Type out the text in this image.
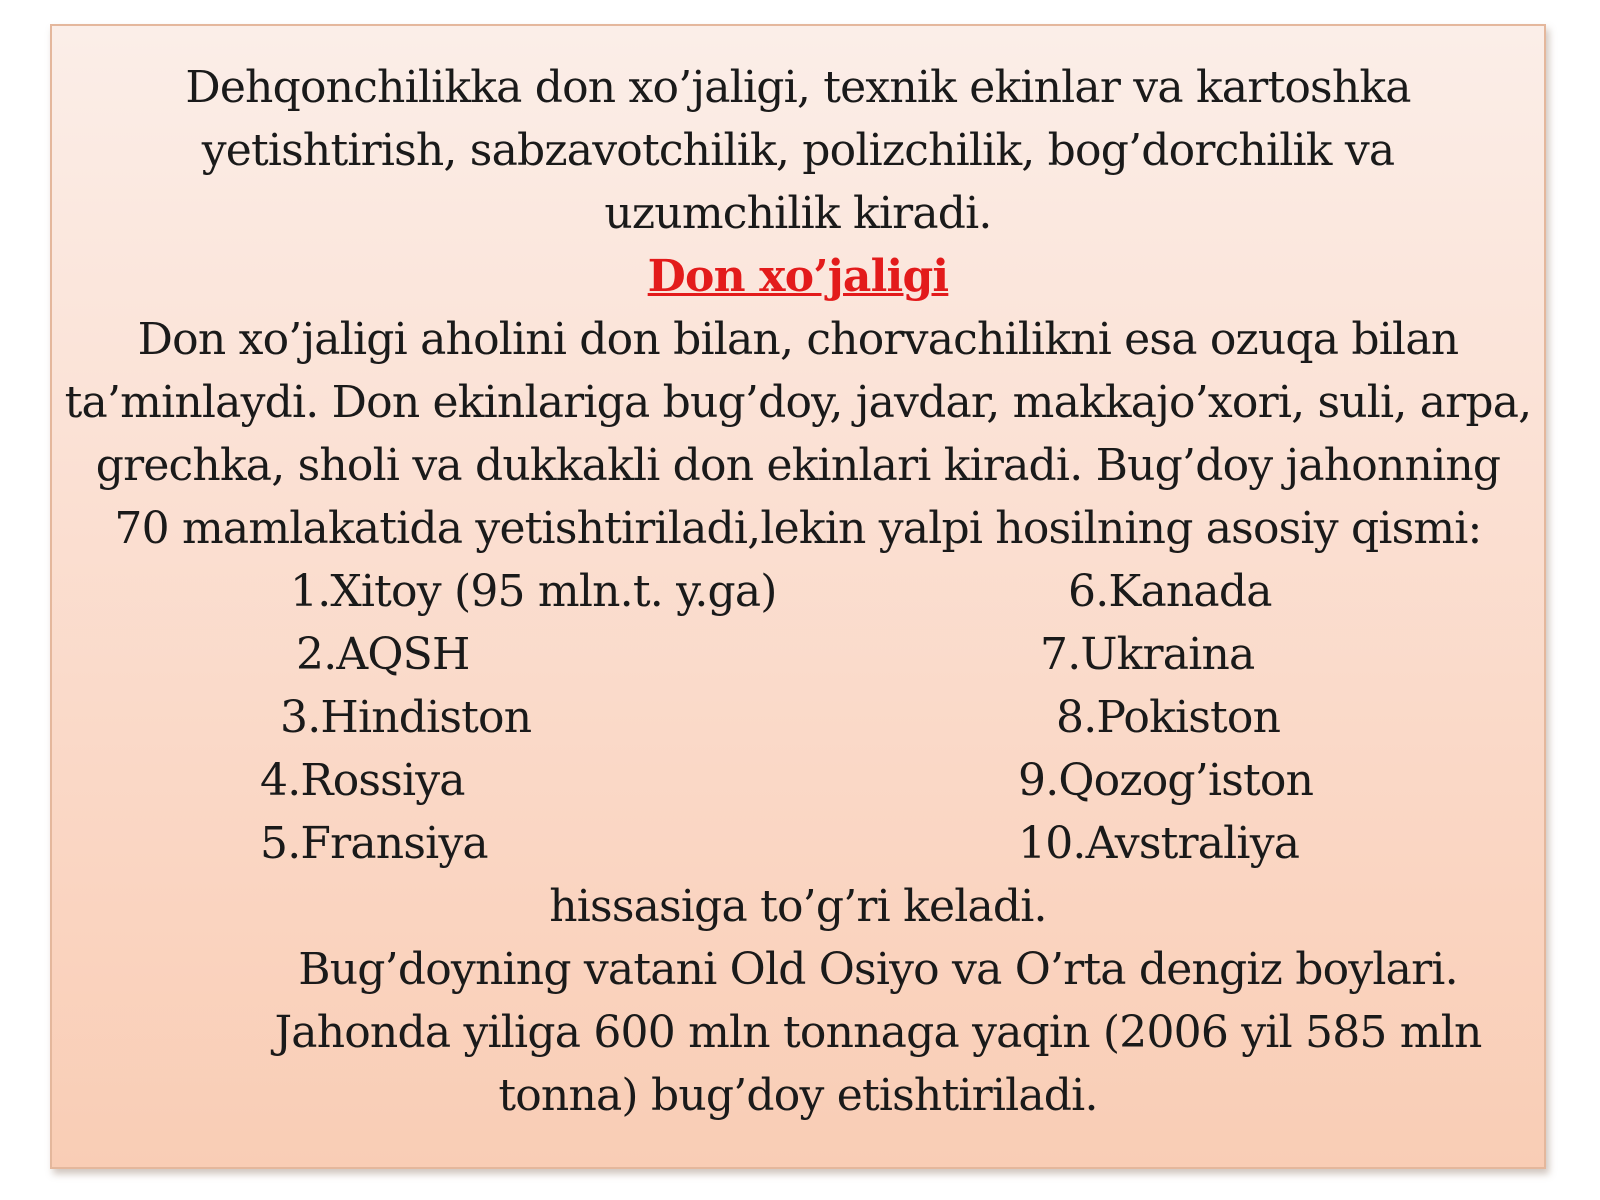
Dehqonchilikka don xo’jaligi, texnik ekinlar va kartoshka
yetishtirish, sabzavotchilik, polizchilik, bog’dorchilik va
uzumchilik kiradi.
Don xo’jaligi
Don xo’jaligi aholini don bilan, chorvachilikni esa ozuqa bilan
ta’minlaydi. Don ekinlariga bug’doy, javdar, makkajo’xori, suli, arpa,
grechka, sholi va dukkakli don ekinlari kiradi. Bug’doy jahonning
70 mamlakatida yetishtiriladi,lekin yalpi hosilning asosiy qismi:
1.Xitoy (95 mln.t. y.ga)
2.AQSH
3.Hindiston
4.Rossiya
5.Fransiya
6.Kanada
7.Ukraina
8.Pokiston
9.Qozog’iston
10.Avstraliya
hissasiga to’g’ri keladi.
Bug’doyning vatani Old Osiyo va O’rta dengiz boylari.
Jahonda yiliga 600 mln tonnaga yaqin (2006 yil 585 mln
tonna) bug’doy etishtiriladi.
